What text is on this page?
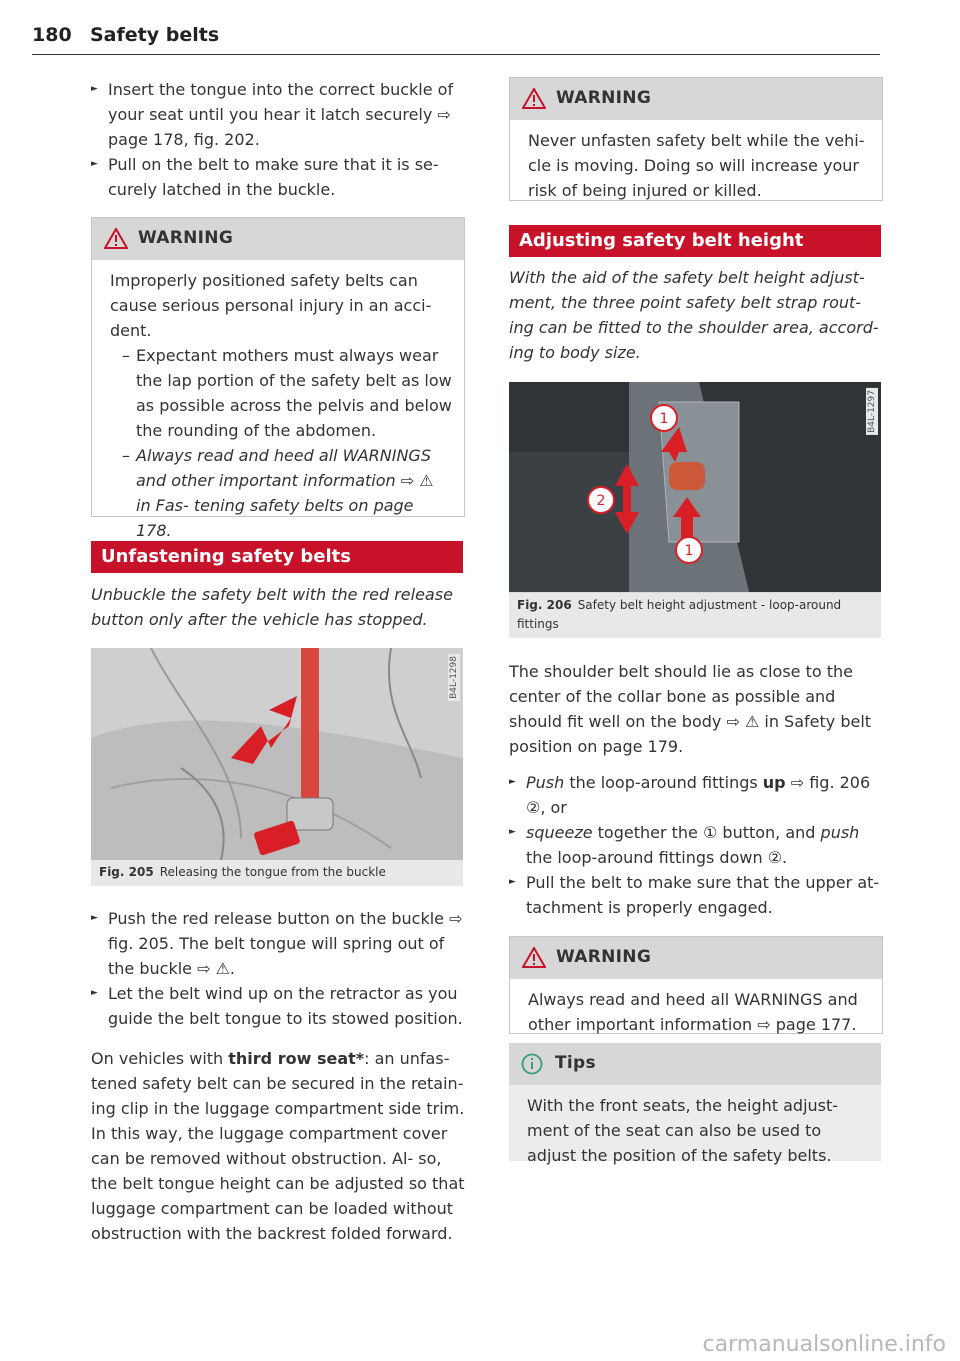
180 Safety belts
► Insert the tongue into the correct buckle of your seat until you hear it latch securely ⇨ page 178, fig. 202.
► Pull on the belt to make sure that it is se- curely latched in the buckle.
WARNING
Improperly positioned safety belts can cause serious personal injury in an acci- dent.
– Expectant mothers must always wear the lap portion of the safety belt as low as possible across the pelvis and below the rounding of the abdomen.
– Always read and heed all WARNINGS and other important information ⇨ ⚠ in Fas- tening safety belts on page 178.
Unfastening safety belts
Unbuckle the safety belt with the red release button only after the vehicle has stopped.
B4L-1298
Fig. 205 Releasing the tongue from the buckle
► Push the red release button on the buckle ⇨ fig. 205. The belt tongue will spring out of the buckle ⇨ ⚠.
► Let the belt wind up on the retractor as you guide the belt tongue to its stowed position.

On vehicles with third row seat*: an unfas- tened safety belt can be secured in the retain- ing clip in the luggage compartment side trim. In this way, the luggage compartment cover can be removed without obstruction. Al- so, the belt tongue height can be adjusted so that luggage compartment can be loaded without obstruction with the backrest folded forward.

WARNING
Never unfasten safety belt while the vehi- cle is moving. Doing so will increase your risk of being injured or killed.
Adjusting safety belt height
With the aid of the safety belt height adjust- ment, the three point safety belt strap rout- ing can be fitted to the shoulder area, accord- ing to body size.
1
2
1
B4L-1297
Fig. 206 Safety belt height adjustment - loop-around fittings

The shoulder belt should lie as close to the center of the collar bone as possible and should fit well on the body ⇨ ⚠ in Safety belt position on page 179.

► Push the loop-around fittings up ⇨ fig. 206 ②, or
► squeeze together the ① button, and push the loop-around fittings down ②.
► Pull the belt to make sure that the upper at- tachment is properly engaged.
WARNING
Always read and heed all WARNINGS and other important information ⇨ page 177.
Tips
With the front seats, the height adjust- ment of the seat can also be used to adjust the position of the safety belts.
carmanualsonline.info
